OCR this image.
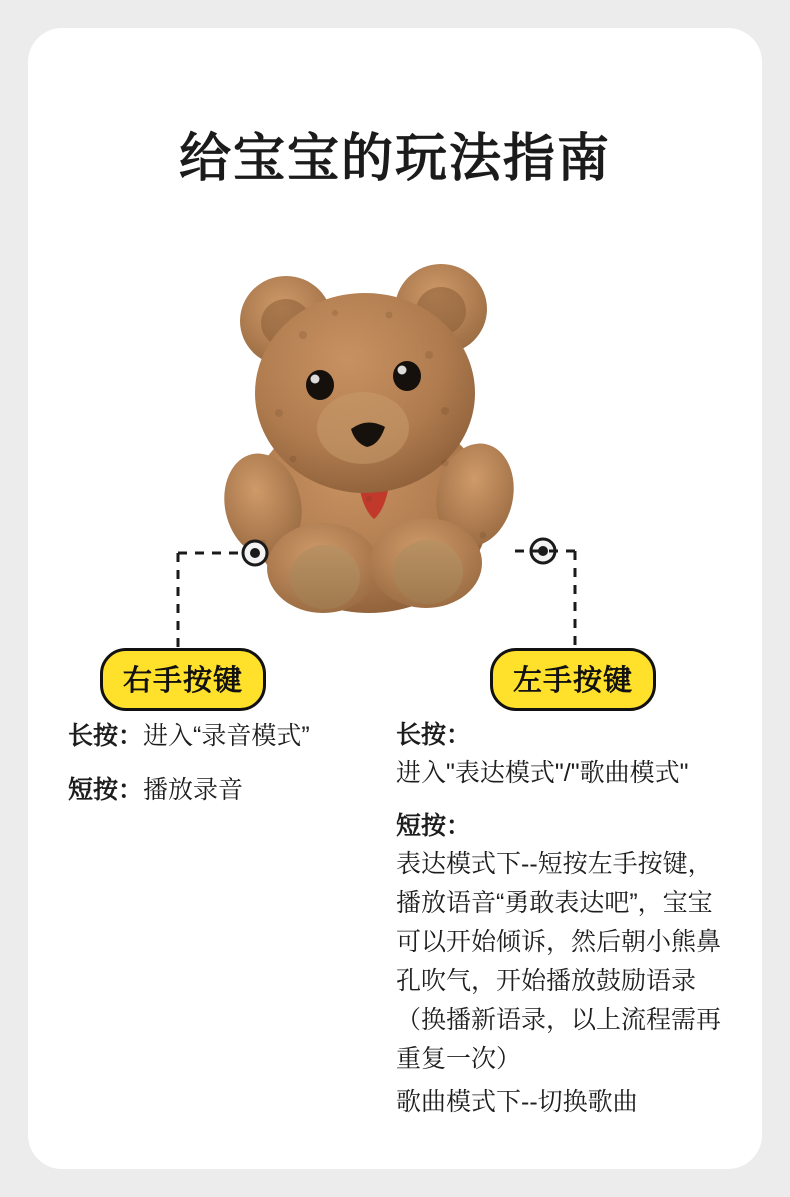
给宝宝的玩法指南
右手按键	左手按键

长按：进入“录音模式”

短按：播放录音

长按：
进入"表达模式"/"歌曲模式"
短按：
表达模式下--短按左手按键，播放语音“勇敢表达吧”，宝宝可以开始倾诉，然后朝小熊鼻孔吹气，开始播放鼓励语录（换播新语录，以上流程需再重复一次）
歌曲模式下--切换歌曲
